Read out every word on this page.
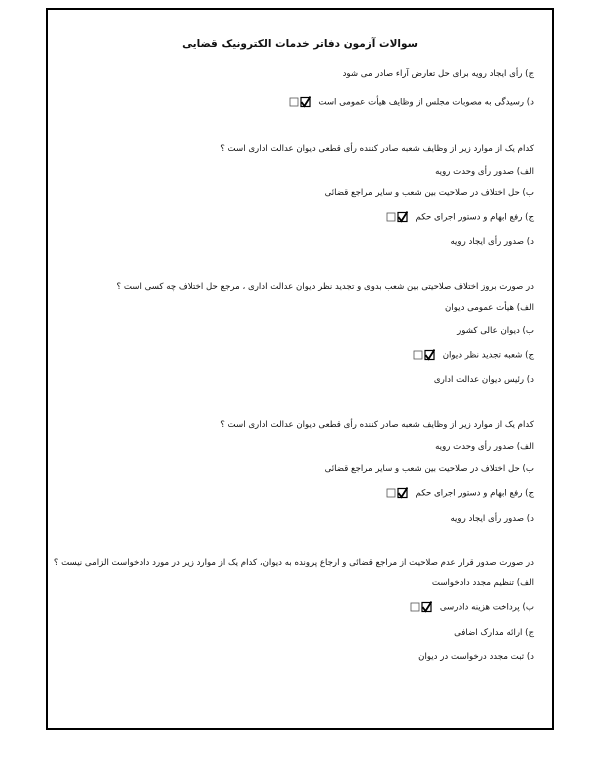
سوالات آزمون دفاتر خدمات الکترونیک قضایی
ج) رأی ایجاد رویه برای حل تعارض آراء صادر می شود
د) رسیدگی به مصوبات مجلس از وظایف هیأت عمومی است
کدام یک از موارد زیر از وظایف شعبه صادر کننده رأی قطعی دیوان عدالت اداری است ؟
الف) صدور رأی وحدت رویه
ب) حل اختلاف در صلاحیت بین شعب و سایر مراجع قضائی
ج) رفع ابهام و دستور اجرای حکم
د) صدور رأی ایجاد رویه
در صورت بروز اختلاف صلاحیتی بین شعب بدوی و تجدید نظر دیوان عدالت اداری ، مرجع حل اختلاف چه کسی است ؟
الف) هیأت عمومی دیوان
ب) دیوان عالی کشور
ج) شعبه تجدید نظر دیوان
د) رئیس دیوان عدالت اداری
کدام یک از موارد زیر از وظایف شعبه صادر کننده رأی قطعی دیوان عدالت اداری است ؟
الف) صدور رأی وحدت رویه
ب) حل اختلاف در صلاحیت بین شعب و سایر مراجع قضائی
ج) رفع ابهام و دستور اجرای حکم
د) صدور رأی ایجاد رویه
در صورت صدور قرار عدم صلاحیت از مراجع قضائی و ارجاع پرونده به دیوان، کدام یک از موارد زیر در مورد دادخواست الزامی نیست ؟
الف) تنظیم مجدد دادخواست
ب) پرداخت هزینه دادرسی
ج) ارائه مدارک اضافی
د) ثبت مجدد درخواست در دیوان
